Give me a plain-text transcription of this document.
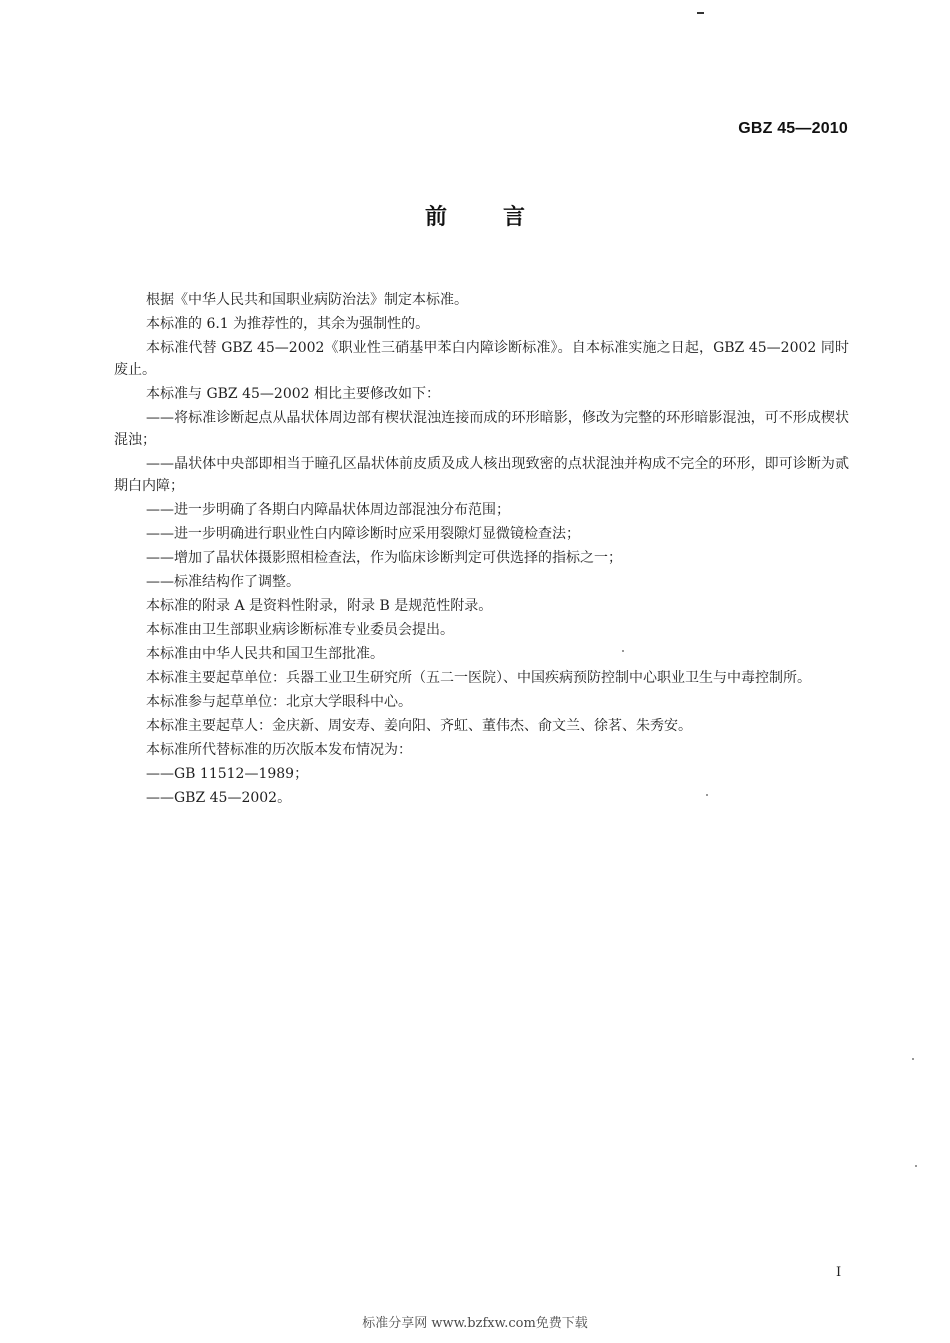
GBZ 45—2010
前言

根据《中华人民共和国职业病防治法》制定本标准。

本标准的 6.1 为推荐性的，其余为强制性的。

本标准代替 GBZ 45—2002《职业性三硝基甲苯白内障诊断标准》。自本标准实施之日起，GBZ 45—2002 同时废止。

本标准与 GBZ 45—2002 相比主要修改如下：

——将标准诊断起点从晶状体周边部有楔状混浊连接而成的环形暗影，修改为完整的环形暗影混浊，可不形成楔状混浊；

——晶状体中央部即相当于瞳孔区晶状体前皮质及成人核出现致密的点状混浊并构成不完全的环形，即可诊断为贰期白内障；

——进一步明确了各期白内障晶状体周边部混浊分布范围；

——进一步明确进行职业性白内障诊断时应采用裂隙灯显微镜检查法；

——增加了晶状体摄影照相检查法，作为临床诊断判定可供选择的指标之一；

——标准结构作了调整。

本标准的附录 A 是资料性附录，附录 B 是规范性附录。

本标准由卫生部职业病诊断标准专业委员会提出。

本标准由中华人民共和国卫生部批准。

本标准主要起草单位：兵器工业卫生研究所（五二一医院）、中国疾病预防控制中心职业卫生与中毒控制所。

本标准参与起草单位：北京大学眼科中心。

本标准主要起草人：金庆新、周安寿、姜向阳、齐虹、董伟杰、俞文兰、徐茗、朱秀安。

本标准所代替标准的历次版本发布情况为：

——GB 11512—1989；

——GBZ 45—2002。

I
标准分享网 www.bzfxw.com免费下载
